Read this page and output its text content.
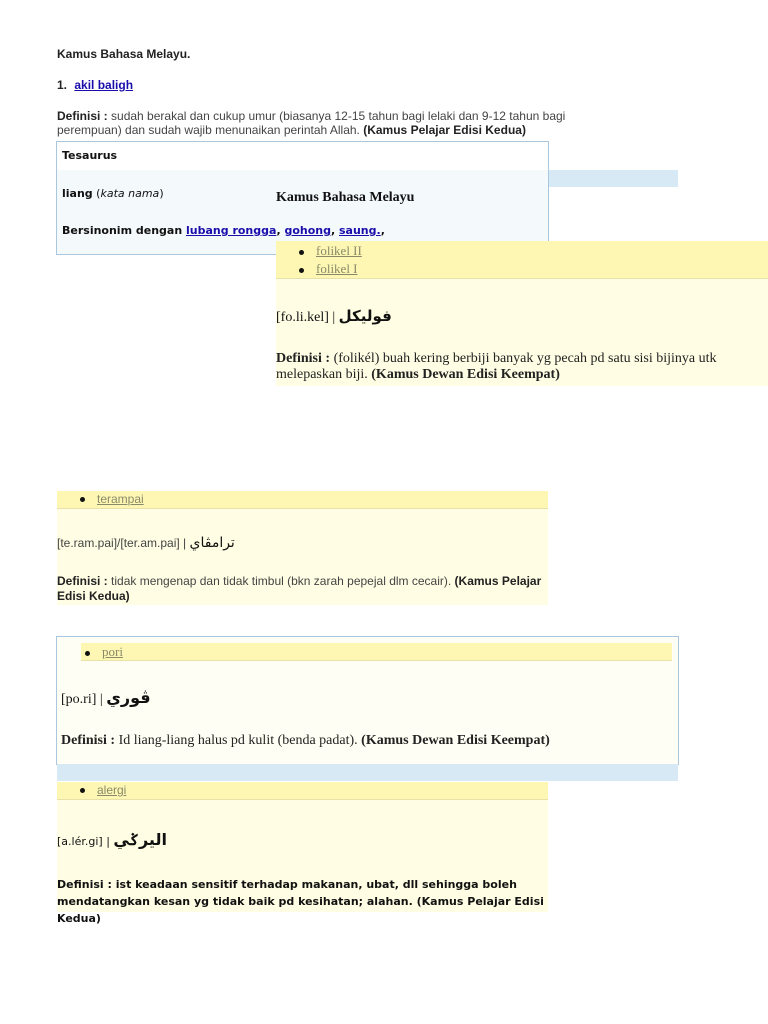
Kamus Bahasa Melayu.
1. akil baligh
Definisi : sudah berakal dan cukup umur (biasanya 12-15 tahun bagi lelaki dan 9-12 tahun bagi perempuan) dan sudah wajib menunaikan perintah Allah. (Kamus Pelajar Edisi Kedua)
Tesaurus
liang (kata nama)	Kamus Bahasa Melayu
Bersinonim dengan lubang rongga, gohong, saung.,
folikel II
folikel I
[fo.li.kel] | فوليکل
Definisi : (folikél) buah kering berbiji banyak yg pecah pd satu sisi bijinya utk melepaskan biji. (Kamus Dewan Edisi Keempat)
terampai
[te.ram.pai]/[ter.am.pai] | ترامڤاي
Definisi : tidak mengenap dan tidak timbul (bkn zarah pepejal dlm cecair). (Kamus Pelajar Edisi Kedua)
pori
[po.ri] | ڤوري
Definisi : Id liang-liang halus pd kulit (benda padat). (Kamus Dewan Edisi Keempat)
alergi
[a.lér.gi] | اليرݢي
Definisi : ist keadaan sensitif terhadap makanan, ubat, dll sehingga boleh mendatangkan kesan yg tidak baik pd kesihatan; alahan. (Kamus Pelajar Edisi Kedua)
